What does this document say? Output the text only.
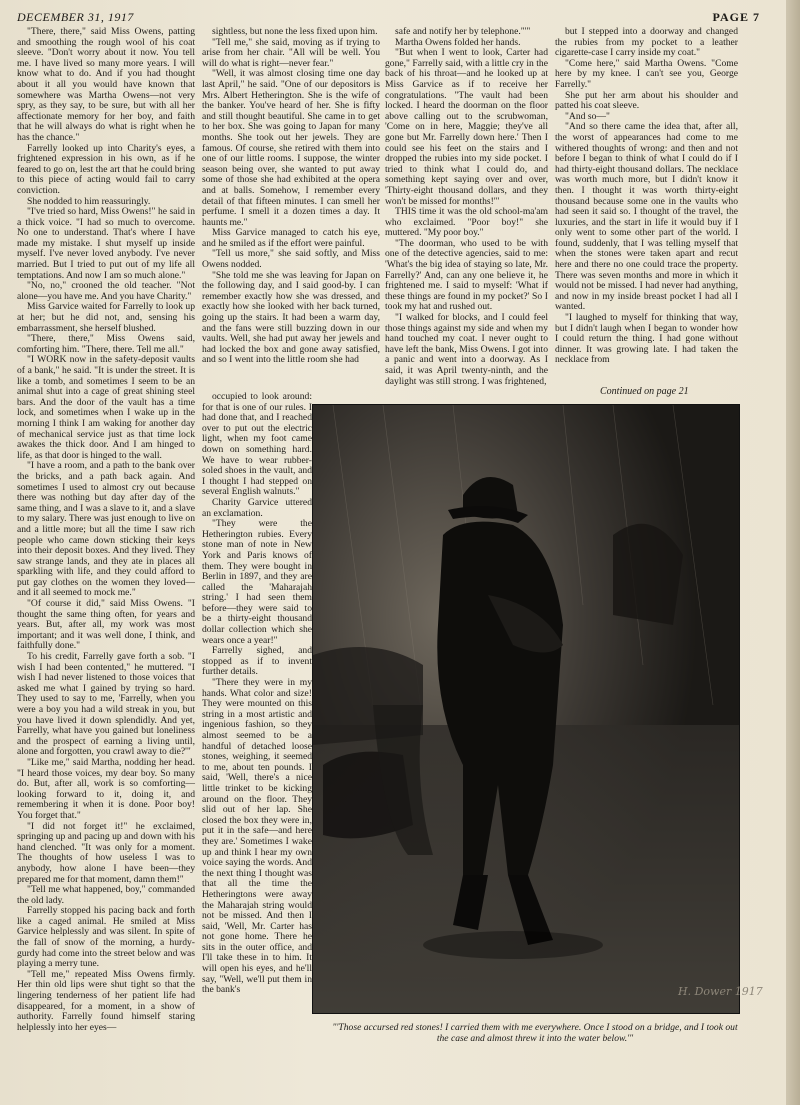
DECEMBER 31, 1917	PAGE 7

"There, there," said Miss Owens, patting and smoothing the rough wool of his coat sleeve. "Don't worry about it now. You tell me. I have lived so many more years. I will know what to do. And if you had thought about it all you would have known that somewhere was Martha Owens—not very spry, as they say, to be sure, but with all her affectionate memory for her boy, and faith that he will always do what is right when he has the chance."

Farrelly looked up into Charity's eyes, a frightened expression in his own, as if he feared to go on, lest the art that he could bring to this piece of acting would fail to carry conviction.

She nodded to him reassuringly.

"I've tried so hard, Miss Owens!" he said in a thick voice. "I had so much to overcome. No one to understand. That's where I have made my mistake. I shut myself up inside myself. I've never loved anybody. I've never married. But I tried to put out of my life all temptations. And now I am so much alone."

"No, no," crooned the old teacher. "Not alone—you have me. And you have Charity."

Miss Garvice waited for Farrelly to look up at her; but he did not, and, sensing his embarrassment, she herself blushed.

"There, there," Miss Owens said, comforting him. "There, there. Tell me all."

"I WORK now in the safety-deposit vaults of a bank," he said. "It is under the street. It is like a tomb, and sometimes I seem to be an animal shut into a cage of great shining steel bars. And the door of the vault has a time lock, and sometimes when I wake up in the morning I think I am waking for another day of mechanical service just as that time lock awakes the thick door. And I am hinged to life, as that door is hinged to the wall.

"I have a room, and a path to the bank over the bricks, and a path back again. And sometimes I used to almost cry out because there was nothing but day after day of the same thing, and I was a slave to it, and a slave to my salary. There was just enough to live on and a little more; but all the time I saw rich people who came down sticking their keys into their deposit boxes. And they lived. They saw strange lands, and they ate in places all sparkling with life, and they could afford to put gay clothes on the women they loved—and it all seemed to mock me."

"Of course it did," said Miss Owens. "I thought the same thing often, for years and years. But, after all, my work was most important; and it was well done, I think, and faithfully done."

To his credit, Farrelly gave forth a sob. "I wish I had been contented," he muttered. "I wish I had never listened to those voices that asked me what I gained by trying so hard. They used to say to me, 'Farrelly, when you were a boy you had a wild streak in you, but you have lived it down splendidly. And yet, Farrelly, what have you gained but loneliness and the prospect of earning a living until, alone and forgotten, you crawl away to die?'"

"Like me," said Martha, nodding her head. "I heard those voices, my dear boy. So many do. But, after all, work is so comforting—looking forward to it, doing it, and remembering it when it is done. Poor boy! You forget that."

"I did not forget it!" he exclaimed, springing up and pacing up and down with his hand clenched. "It was only for a moment. The thoughts of how useless I was to anybody, how alone I have been—they prepared me for that moment, damn them!"

"Tell me what happened, boy," commanded the old lady.

Farrelly stopped his pacing back and forth like a caged animal. He smiled at Miss Garvice helplessly and was silent. In spite of the fall of snow of the morning, a hurdy-gurdy had come into the street below and was playing a merry tune.

"Tell me," repeated Miss Owens firmly. Her thin old lips were shut tight so that the lingering tenderness of her patient life had disappeared, for a moment, in a show of authority. Farrelly found himself staring helplessly into her eyes—

sightless, but none the less fixed upon him.

"Tell me," she said, moving as if trying to arise from her chair. "All will be well. You will do what is right—never fear."

"Well, it was almost closing time one day last April," he said. "One of our depositors is Mrs. Albert Hetherington. She is the wife of the banker. You've heard of her. She is fifty and still thought beautiful. She came in to get to her box. She was going to Japan for many months. She took out her jewels. They are famous. Of course, she retired with them into one of our little rooms. I suppose, the winter season being over, she wanted to put away some of those she had exhibited at the opera and at balls. Somehow, I remember every detail of that fifteen minutes. I can smell her perfume. I smell it a dozen times a day. It haunts me."

Miss Garvice managed to catch his eye, and he smiled as if the effort were painful.

"Tell us more," she said softly, and Miss Owens nodded.

"She told me she was leaving for Japan on the following day, and I said good-by. I can remember exactly how she was dressed, and exactly how she looked with her back turned, going up the stairs. It had been a warm day, and the fans were still buzzing down in our vaults. Well, she had put away her jewels and had locked the box and gone away satisfied, and so I went into the little room she had

safe and notify her by telephone."'"

Martha Owens folded her hands.

"But when I went to look, Carter had gone," Farrelly said, with a little cry in the back of his throat—and he looked up at Miss Garvice as if to receive her congratulations. "The vault had been locked. I heard the doorman on the floor above calling out to the scrubwoman, 'Come on in here, Maggie; they've all gone but Mr. Farrelly down here.' Then I could see his feet on the stairs and I dropped the rubies into my side pocket. I tried to think what I could do, and something kept saying over and over, 'Thirty-eight thousand dollars, and they won't be missed for months!'"

THIS time it was the old school-ma'am who exclaimed. "Poor boy!" she muttered. "My poor boy."

"The doorman, who used to be with one of the detective agencies, said to me: 'What's the big idea of staying so late, Mr. Farrelly?' And, can any one believe it, he frightened me. I said to myself: 'What if these things are found in my pocket?' So I took my hat and rushed out.

"I walked for blocks, and I could feel those things against my side and when my hand touched my coat. I never ought to have left the bank, Miss Owens. I got into a panic and went into a doorway. As I said, it was April twenty-ninth, and the daylight was still strong. I was frightened,

but I stepped into a doorway and changed the rubies from my pocket to a leather cigarette-case I carry inside my coat."

"Come here," said Martha Owens. "Come here by my knee. I can't see you, George Farrelly."

She put her arm about his shoulder and patted his coat sleeve.

"And so—"

"And so there came the idea that, after all, the worst of appearances had come to me withered thoughts of wrong: and then and not before I began to think of what I could do if I had thirty-eight thousand dollars. The necklace was worth much more, but I didn't know it then. I thought it was worth thirty-eight thousand because some one in the vaults who had seen it said so. I thought of the travel, the luxuries, and the start in life it would buy if I only went to some other part of the world. I found, suddenly, that I was telling myself that when the stones were taken apart and recut here and there no one could trace the property. There was seven months and more in which it would not be missed. I had never had anything, and now in my inside breast pocket I had all I wanted.

"I laughed to myself for thinking that way, but I didn't laugh when I began to wonder how I could return the thing. I had gone without dinner. It was growing late. I had taken the necklace from

Continued on page 21

occupied to look around: for that is one of our rules. I had done that, and I reached over to put out the electric light, when my foot came down on something hard. We have to wear rubber-soled shoes in the vault, and I thought I had stepped on several English walnuts."

Charity Garvice uttered an exclamation.

"They were the Hetherington rubies. Every stone man of note in New York and Paris knows of them. They were bought in Berlin in 1897, and they are called the 'Maharajah string.' I had seen them before—they were said to be a thirty-eight thousand dollar collection which she wears once a year!"

Farrelly sighed, and stopped as if to invent further details.

"There they were in my hands. What color and size! They were mounted on this string in a most artistic and ingenious fashion, so they almost seemed to be a handful of detached loose stones, weighing, it seemed to me, about ten pounds. I said, 'Well, there's a nice little trinket to be kicking around on the floor. They slid out of her lap. She closed the box they were in, put it in the safe—and here they are.' Sometimes I wake up and think I hear my own voice saying the words. And the next thing I thought was that all the time the Hetheringtons were away the Maharajah string would not be missed. And then I said, 'Well, Mr. Carter has not gone home. There he sits in the outer office, and I'll take these in to him. It will open his eyes, and he'll say, "Well, we'll put them in the bank's	H. Dower 1917
"'Those accursed red stones! I carried them with me everywhere. Once I stood on a bridge, and I took out the case and almost threw it into the water below.'"
